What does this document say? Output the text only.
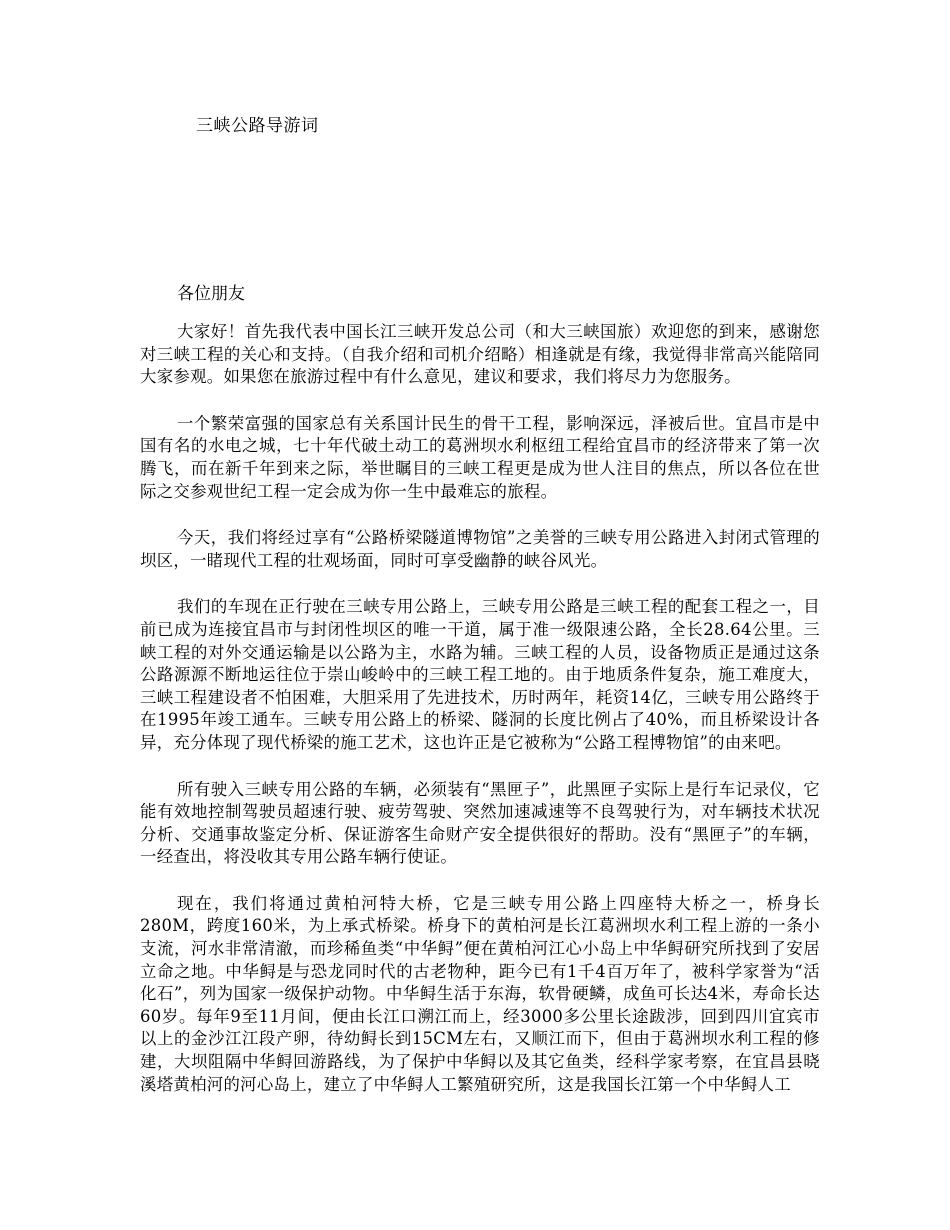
三峡公路导游词

各位朋友

大家好！首先我代表中国长江三峡开发总公司（和大三峡国旅）欢迎您的到来，感谢您对三峡工程的关心和支持。（自我介绍和司机介绍略）相逢就是有缘，我觉得非常高兴能陪同大家参观。如果您在旅游过程中有什么意见，建议和要求，我们将尽力为您服务。

一个繁荣富强的国家总有关系国计民生的骨干工程，影响深远，泽被后世。宜昌市是中国有名的水电之城，七十年代破土动工的葛洲坝水利枢纽工程给宜昌市的经济带来了第一次腾飞，而在新千年到来之际，举世瞩目的三峡工程更是成为世人注目的焦点，所以各位在世际之交参观世纪工程一定会成为你一生中最难忘的旅程。

今天，我们将经过享有“公路桥梁隧道博物馆”之美誉的三峡专用公路进入封闭式管理的坝区，一睹现代工程的壮观场面，同时可享受幽静的峡谷风光。

我们的车现在正行驶在三峡专用公路上，三峡专用公路是三峡工程的配套工程之一，目前已成为连接宜昌市与封闭性坝区的唯一干道，属于准一级限速公路，全长28.64公里。三峡工程的对外交通运输是以公路为主，水路为辅。三峡工程的人员，设备物质正是通过这条公路源源不断地运往位于崇山峻岭中的三峡工程工地的。由于地质条件复杂，施工难度大，三峡工程建设者不怕困难，大胆采用了先进技术，历时两年，耗资14亿，三峡专用公路终于在1995年竣工通车。三峡专用公路上的桥梁、隧洞的长度比例占了40%，而且桥梁设计各异，充分体现了现代桥梁的施工艺术，这也许正是它被称为“公路工程博物馆”的由来吧。

所有驶入三峡专用公路的车辆，必须装有“黑匣子”，此黑匣子实际上是行车记录仪，它能有效地控制驾驶员超速行驶、疲劳驾驶、突然加速减速等不良驾驶行为，对车辆技术状况分析、交通事故鉴定分析、保证游客生命财产安全提供很好的帮助。没有“黑匣子”的车辆，一经查出，将没收其专用公路车辆行使证。

现在，我们将通过黄柏河特大桥，它是三峡专用公路上四座特大桥之一，桥身长280M，跨度160米，为上承式桥梁。桥身下的黄柏河是长江葛洲坝水利工程上游的一条小支流，河水非常清澈，而珍稀鱼类“中华鲟”便在黄柏河江心小岛上中华鲟研究所找到了安居立命之地。中华鲟是与恐龙同时代的古老物种，距今已有1千4百万年了，被科学家誉为“活化石”，列为国家一级保护动物。中华鲟生活于东海，软骨硬鳞，成鱼可长达4米，寿命长达60岁。每年9至11月间，便由长江口溯江而上，经3000多公里长途跋涉，回到四川宜宾市以上的金沙江江段产卵，待幼鲟长到15CM左右，又顺江而下，但由于葛洲坝水利工程的修建，大坝阻隔中华鲟回游路线，为了保护中华鲟以及其它鱼类，经科学家考察，在宜昌县晓溪塔黄柏河的河心岛上，建立了中华鲟人工繁殖研究所，这是我国长江第一个中华鲟人工
